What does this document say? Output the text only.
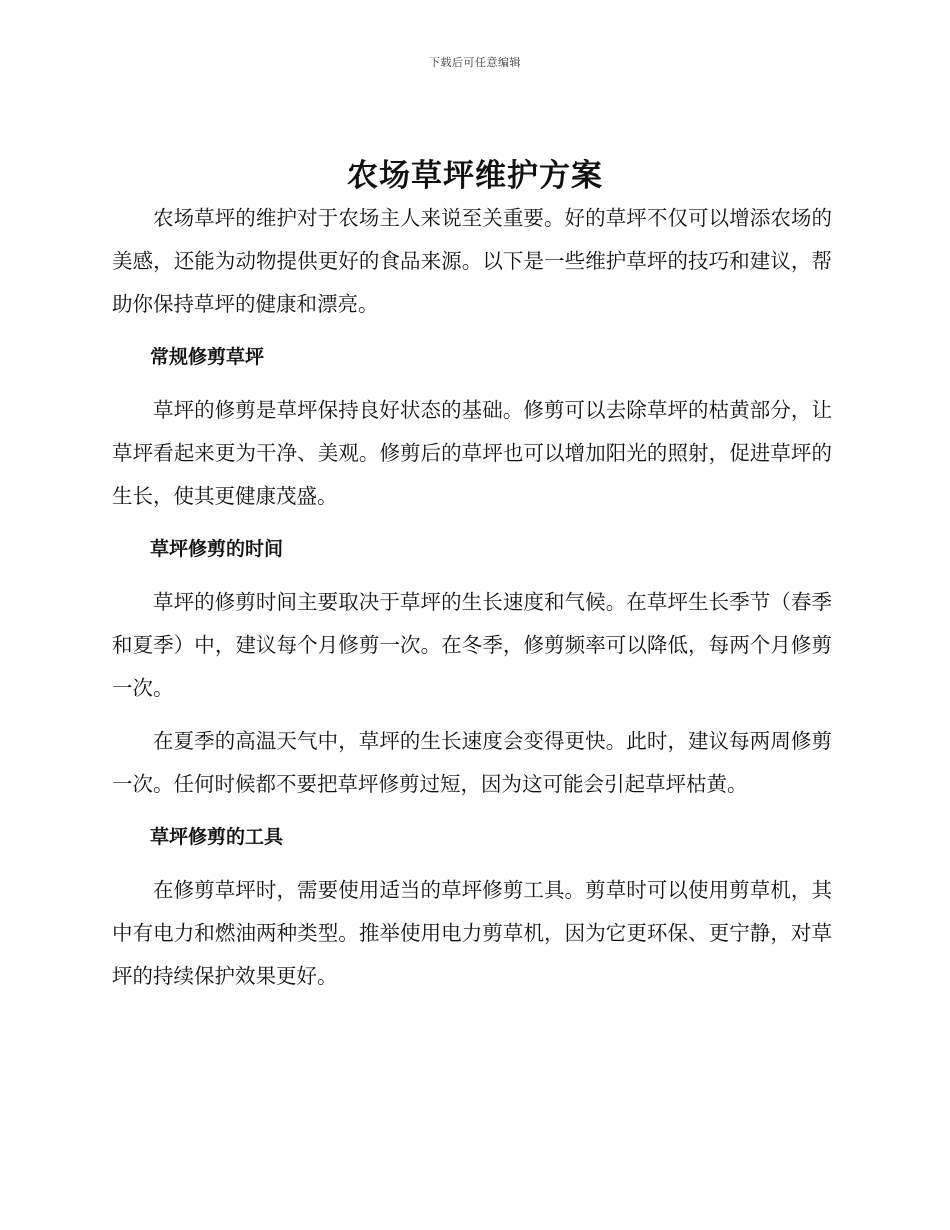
下载后可任意编辑
农场草坪维护方案

农场草坪的维护对于农场主人来说至关重要。好的草坪不仅可以增添农场的美感，还能为动物提供更好的食品来源。以下是一些维护草坪的技巧和建议，帮助你保持草坪的健康和漂亮。

常规修剪草坪

草坪的修剪是草坪保持良好状态的基础。修剪可以去除草坪的枯黄部分，让草坪看起来更为干净、美观。修剪后的草坪也可以增加阳光的照射，促进草坪的生长，使其更健康茂盛。

草坪修剪的时间

草坪的修剪时间主要取决于草坪的生长速度和气候。在草坪生长季节（春季和夏季）中，建议每个月修剪一次。在冬季，修剪频率可以降低，每两个月修剪一次。

在夏季的高温天气中，草坪的生长速度会变得更快。此时，建议每两周修剪一次。任何时候都不要把草坪修剪过短，因为这可能会引起草坪枯黄。

草坪修剪的工具

在修剪草坪时，需要使用适当的草坪修剪工具。剪草时可以使用剪草机，其中有电力和燃油两种类型。推举使用电力剪草机，因为它更环保、更宁静，对草坪的持续保护效果更好。
